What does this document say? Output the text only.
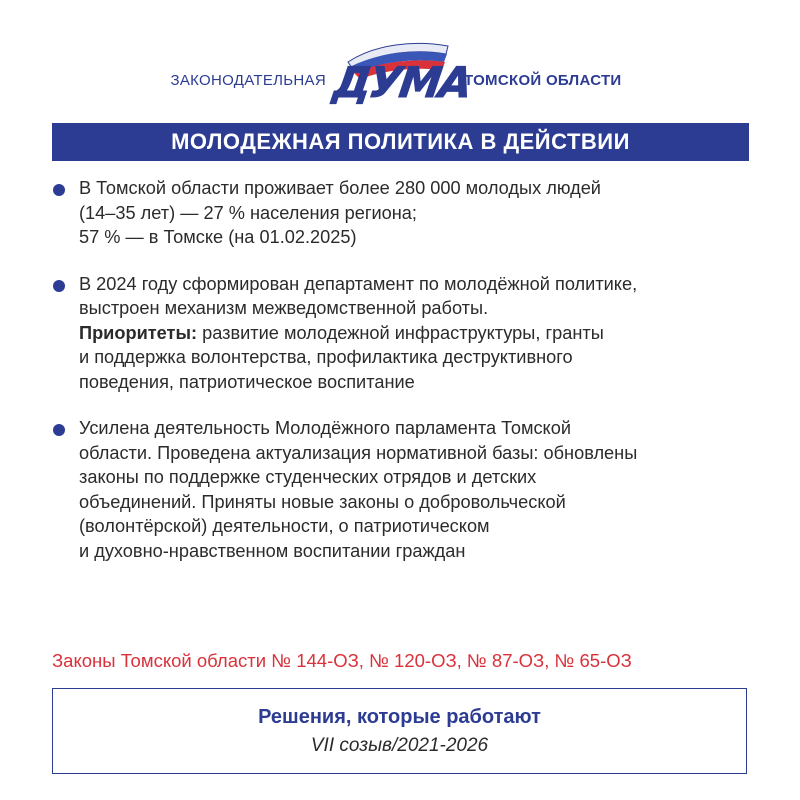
ЗАКОНОДАТЕЛЬНАЯ ДУМА
ТОМСКОЙ ОБЛАСТИ
МОЛОДЕЖНАЯ ПОЛИТИКА В ДЕЙСТВИИ
В Томской области проживает более 280 000 молодых людей
(14–35 лет) — 27 % населения региона;
57 % — в Томске (на 01.02.2025)
В 2024 году сформирован департамент по молодёжной политике,
выстроен механизм межведомственной работы.
Приоритеты: развитие молодежной инфраструктуры, гранты
и поддержка волонтерства, профилактика деструктивного
поведения, патриотическое воспитание
Усилена деятельность Молодёжного парламента Томской
области. Проведена актуализация нормативной базы: обновлены
законы по поддержке студенческих отрядов и детских
объединений. Приняты новые законы о добровольческой
(волонтёрской) деятельности, о патриотическом
и духовно-нравственном воспитании граждан
Законы Томской области № 144-ОЗ, № 120-ОЗ, № 87-ОЗ, № 65-ОЗ
Решения, которые работают
VII созыв/2021-2026
